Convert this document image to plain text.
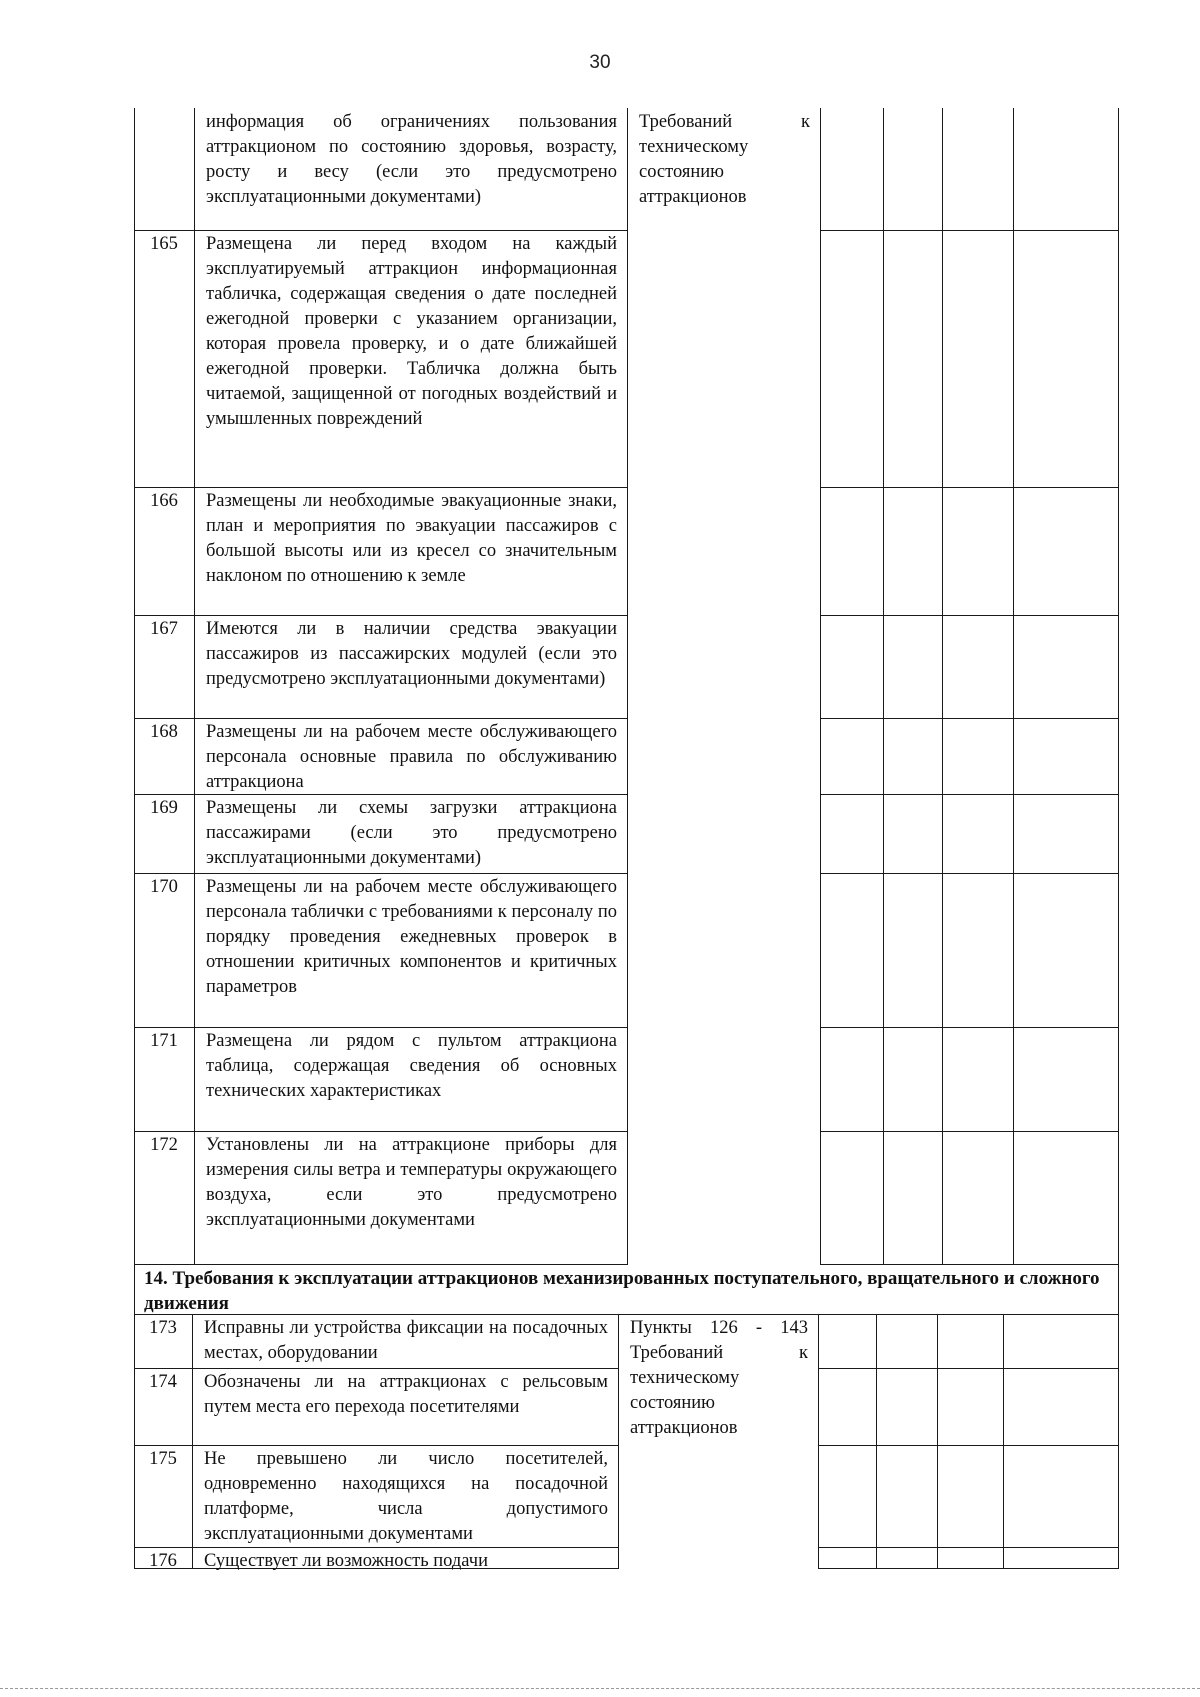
30
информация об ограничениях пользования аттракционом по состоянию здоровья, возрасту, росту и весу (если это предусмотрено эксплуатационными документами)
Требований к техническому состоянию аттракционов
165	Размещена ли перед входом на каждый эксплуатируемый аттракцион информационная табличка, содержащая сведения о дате последней ежегодной проверки с указанием организации, которая провела проверку, и о дате ближайшей ежегодной проверки. Табличка должна быть читаемой, защищенной от погодных воздействий и умышленных повреждений
166	Размещены ли необходимые эвакуационные знаки, план и мероприятия по эвакуации пассажиров с большой высоты или из кресел со значительным наклоном по отношению к земле
167	Имеются ли в наличии средства эвакуации пассажиров из пассажирских модулей (если это предусмотрено эксплуатационными документами)
168	Размещены ли на рабочем месте обслуживающего персонала основные правила по обслуживанию аттракциона
169	Размещены ли схемы загрузки аттракциона пассажирами (если это предусмотрено эксплуатационными документами)
170	Размещены ли на рабочем месте обслуживающего персонала таблички с требованиями к персоналу по порядку проведения ежедневных проверок в отношении критичных компонентов и критичных параметров
171	Размещена ли рядом с пультом аттракциона таблица, содержащая сведения об основных технических характеристиках
172	Установлены ли на аттракционе приборы для измерения силы ветра и температуры окружающего воздуха, если это предусмотрено эксплуатационными документами
14. Требования к эксплуатации аттракционов механизированных поступательного, вращательного и сложного движения
Пункты 126 - 143 Требований к техническому состоянию аттракционов
173	Исправны ли устройства фиксации на посадочных местах, оборудовании
174	Обозначены ли на аттракционах с рельсовым путем места его перехода посетителями
175	Не превышено ли число посетителей, одновременно находящихся на посадочной платформе, числа допустимого эксплуатационными документами
176	Существует ли возможность подачи
